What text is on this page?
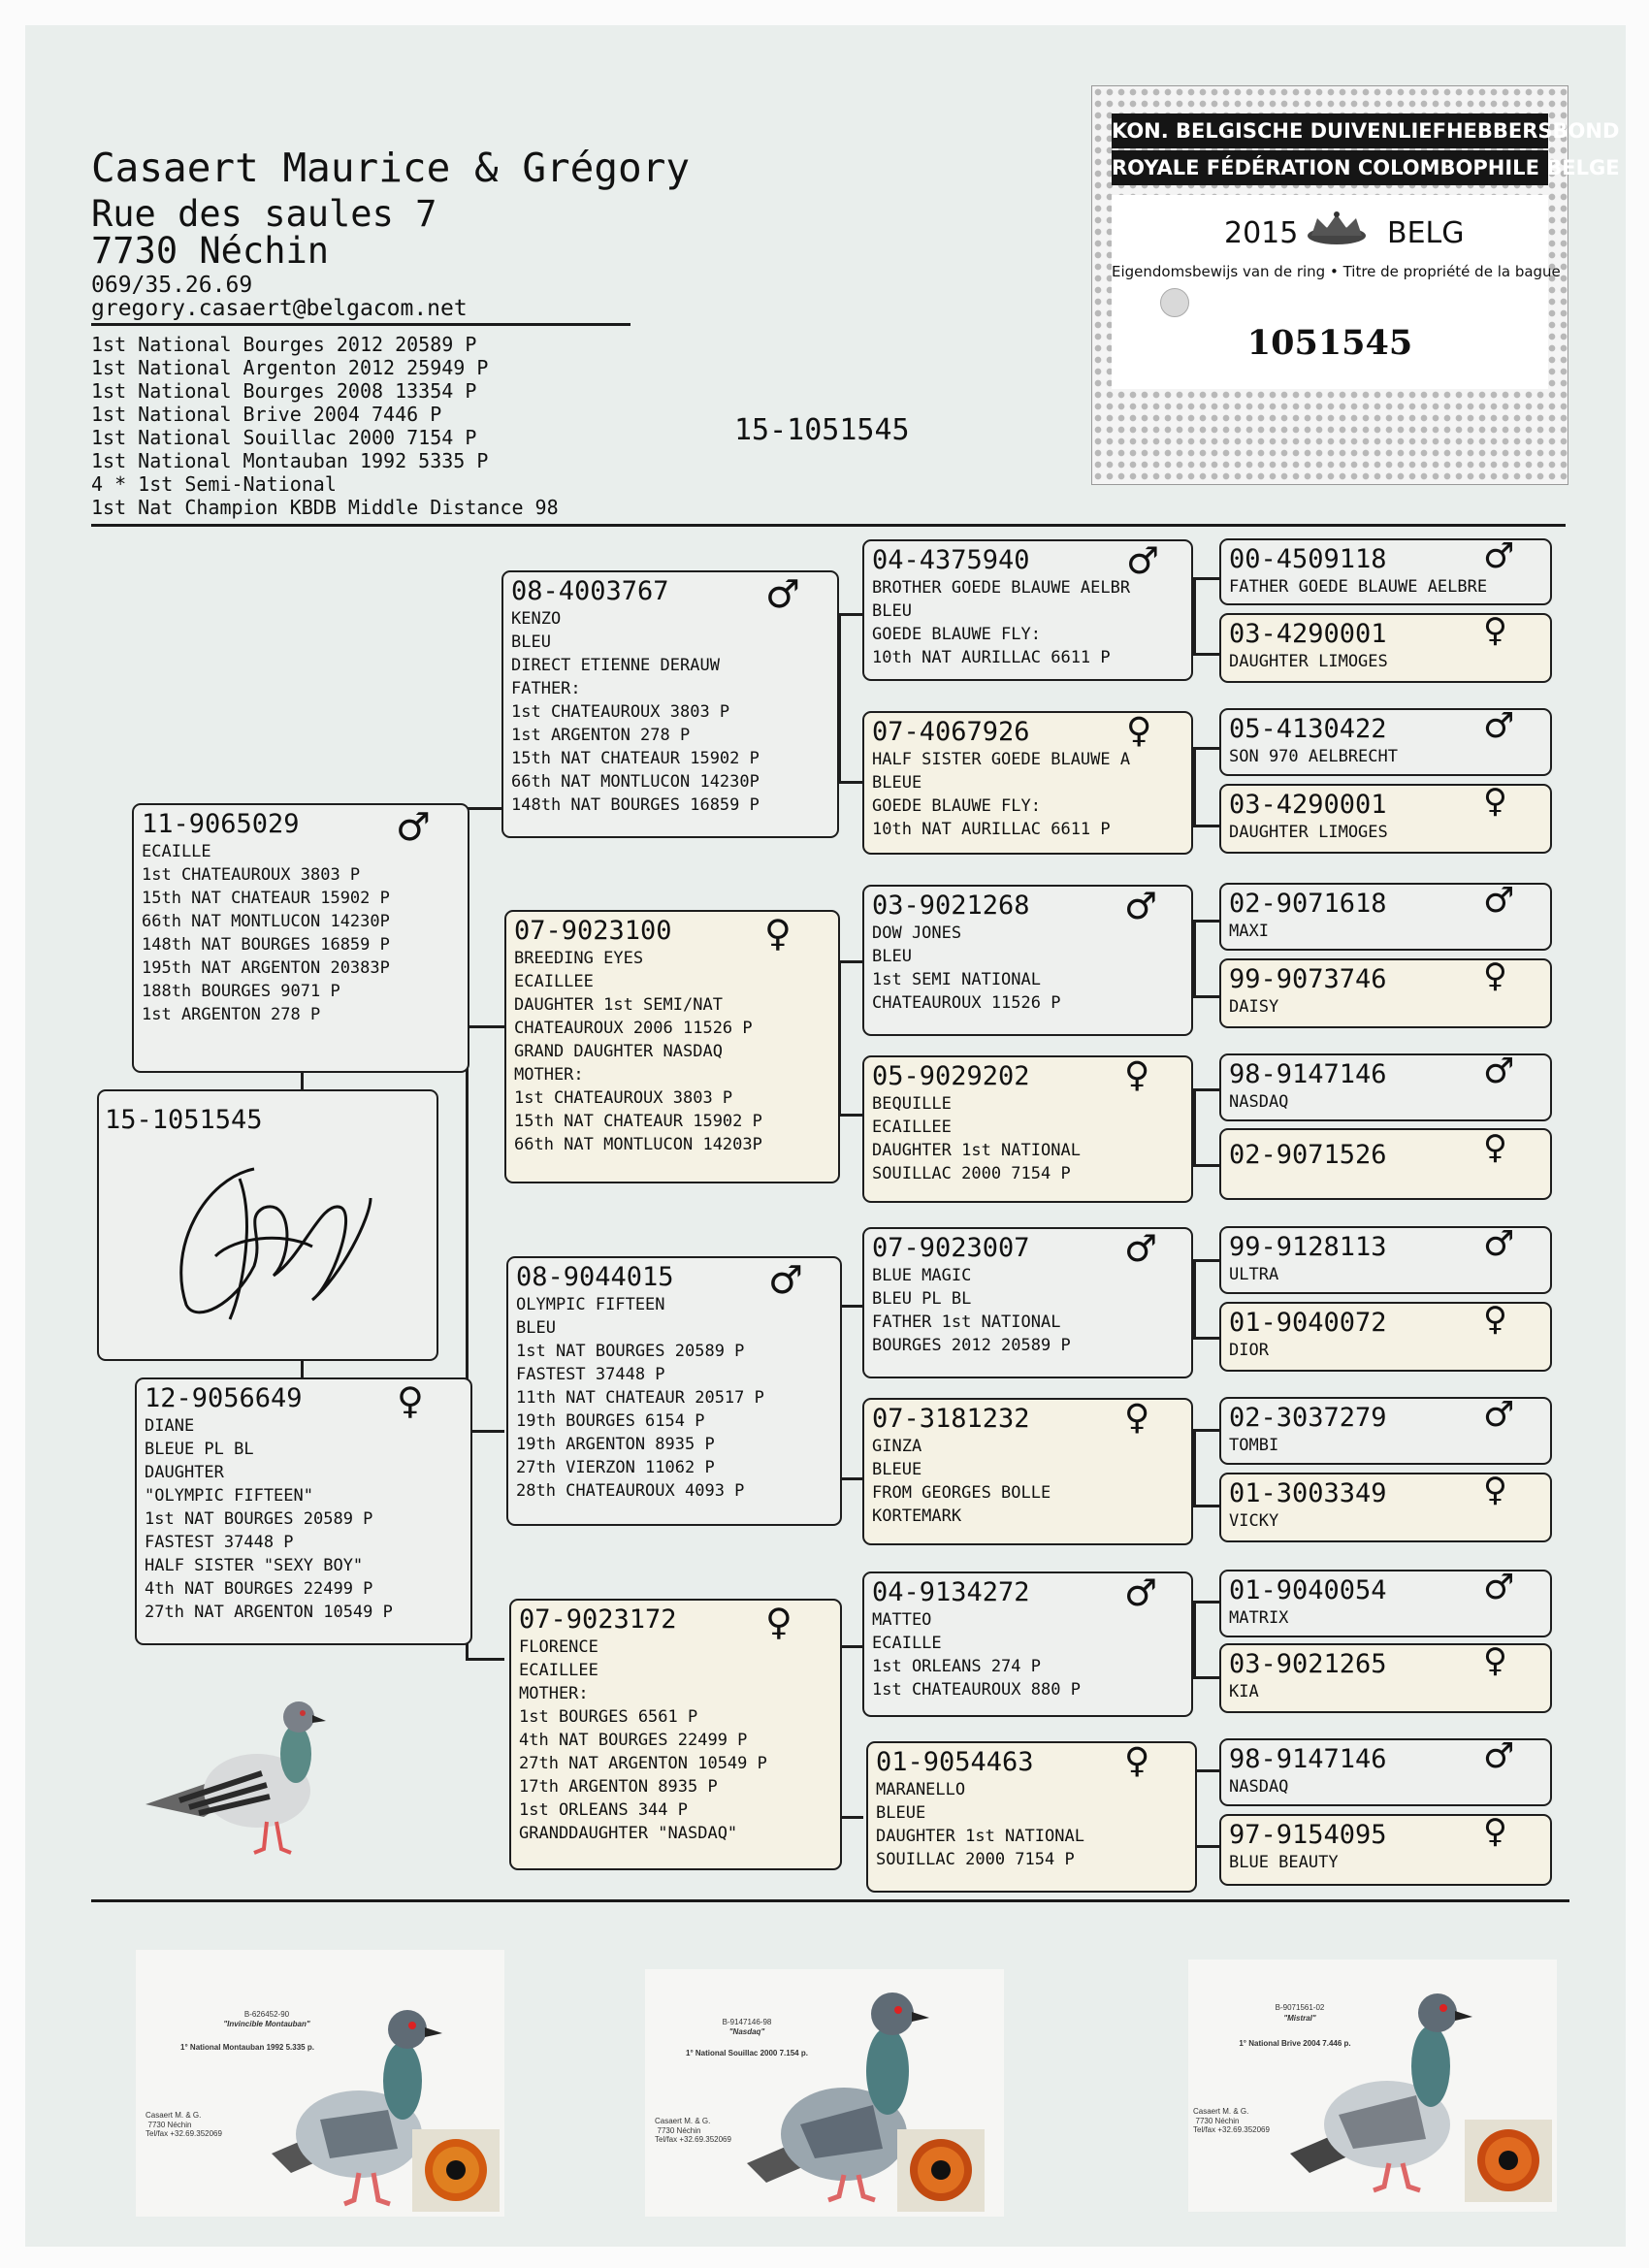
Casaert Maurice & Grégory
Rue des saules 7
7730 Néchin
069/35.26.69
gregory.casaert@belgacom.net
1st National Bourges 2012 20589 P
1st National Argenton 2012 25949 P
1st National Bourges 2008 13354 P
1st National Brive 2004 7446 P
1st National Souillac 2000 7154 P
1st National Montauban 1992 5335 P
4 * 1st Semi-National
1st Nat Champion KBDB Middle Distance 98
15-1051545
KON. BELGISCHE DUIVENLIEFHEBBERSBOND
ROYALE FÉDÉRATION COLOMBOPHILE BELGE
2015	BELG
Eigendomsbewijs van de ring • Titre de propriété de la bague
1051545
11-9065029
ECAILLE
1st CHATEAUROUX 3803 P
15th NAT CHATEAUR 15902 P
66th NAT MONTLUCON 14230P
148th NAT BOURGES 16859 P
195th NAT ARGENTON 20383P
188th BOURGES 9071 P
1st ARGENTON 278 P
♂
15-1051545
12-9056649
DIANE
BLEUE PL BL
DAUGHTER
"OLYMPIC FIFTEEN"
1st NAT BOURGES 20589 P
FASTEST 37448 P
HALF SISTER "SEXY BOY"
4th NAT BOURGES 22499 P
27th NAT ARGENTON 10549 P
♀
08-4003767
KENZO
BLEU
DIRECT ETIENNE DERAUW
FATHER:
1st CHATEAUROUX 3803 P
1st ARGENTON 278 P
15th NAT CHATEAUR 15902 P
66th NAT MONTLUCON 14230P
148th NAT BOURGES 16859 P
♂
07-9023100
BREEDING EYES
ECAILLEE
DAUGHTER 1st SEMI/NAT
CHATEAUROUX 2006 11526 P
GRAND DAUGHTER NASDAQ
MOTHER:
1st CHATEAUROUX 3803 P
15th NAT CHATEAUR 15902 P
66th NAT MONTLUCON 14203P
♀
08-9044015
OLYMPIC FIFTEEN
BLEU
1st NAT BOURGES 20589 P
FASTEST 37448 P
11th NAT CHATEAUR 20517 P
19th BOURGES 6154 P
19th ARGENTON 8935 P
27th VIERZON 11062 P
28th CHATEAUROUX 4093 P
♂
07-9023172
FLORENCE
ECAILLEE
MOTHER:
1st BOURGES 6561 P
4th NAT BOURGES 22499 P
27th NAT ARGENTON 10549 P
17th ARGENTON 8935 P
1st ORLEANS 344 P
GRANDDAUGHTER "NASDAQ"
♀
04-4375940
BROTHER GOEDE BLAUWE AELBR
BLEU
GOEDE BLAUWE FLY:
10th NAT AURILLAC 6611 P
♂
07-4067926
HALF SISTER GOEDE BLAUWE A
BLEUE
GOEDE BLAUWE FLY:
10th NAT AURILLAC 6611 P
♀
03-9021268
DOW JONES
BLEU
1st SEMI NATIONAL
CHATEAUROUX 11526 P
♂
05-9029202
BEQUILLE
ECAILLEE
DAUGHTER 1st NATIONAL
SOUILLAC 2000 7154 P
♀
07-9023007
BLUE MAGIC
BLEU PL BL
FATHER 1st NATIONAL
BOURGES 2012 20589 P
♂
07-3181232
GINZA
BLEUE
FROM GEORGES BOLLE
KORTEMARK
♀
04-9134272
MATTEO
ECAILLE
1st ORLEANS 274 P
1st CHATEAUROUX 880 P
♂
01-9054463
MARANELLO
BLEUE
DAUGHTER 1st NATIONAL
SOUILLAC 2000 7154 P
♀
00-4509118
FATHER GOEDE BLAUWE AELBRE
♂
03-4290001
DAUGHTER LIMOGES
♀
05-4130422
SON 970 AELBRECHT
♂
03-4290001
DAUGHTER LIMOGES
♀
02-9071618
MAXI
♂
99-9073746
DAISY
♀
98-9147146
NASDAQ
♂
02-9071526	♀
99-9128113
ULTRA
♂
01-9040072
DIOR
♀
02-3037279
TOMBI
♂
01-3003349
VICKY
♀
01-9040054
MATRIX
♂
03-9021265
KIA
♀
98-9147146
NASDAQ
♂
97-9154095
BLUE BEAUTY
♀
B-626452-90
"Invincible Montauban"
1° National Montauban 1992 5.335 p.
Casaert M. & G.
7730 Néchin
Tel/fax +32.69.352069
B-9147146-98
"Nasdaq"
1° National Souillac 2000 7.154 p.
Casaert M. & G.
7730 Néchin
Tel/fax +32.69.352069
B-9071561-02
"Mistral"
1° National Brive 2004 7.446 p.
Casaert M. & G.
7730 Néchin
Tel/fax +32.69.352069
